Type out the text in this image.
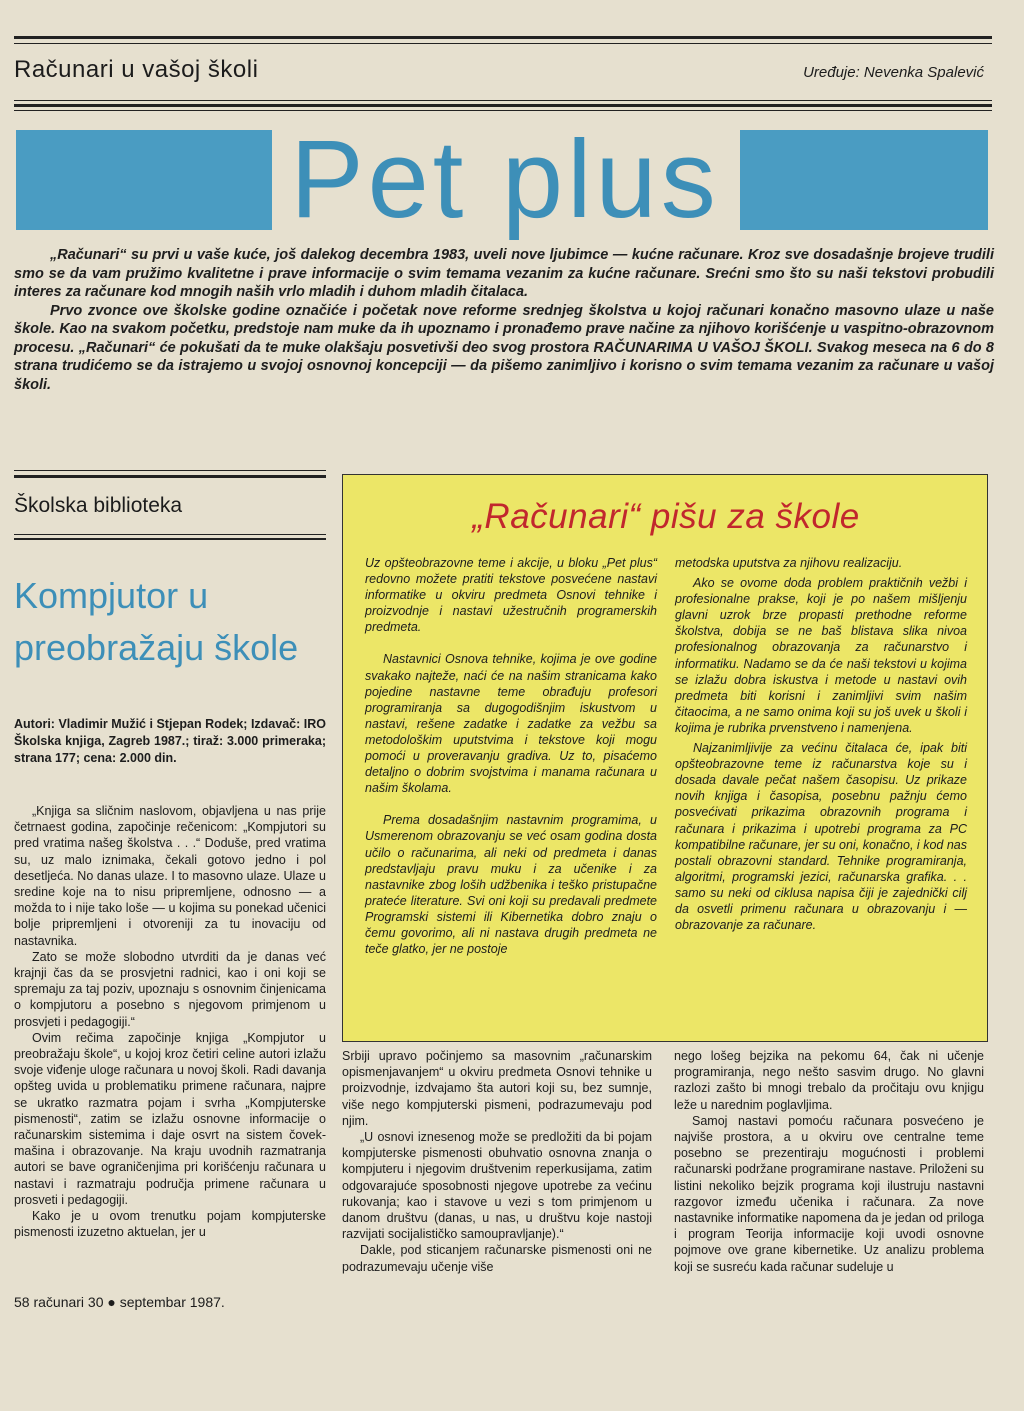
Računari u vašoj školi	Uređuje: Nevenka Spalević
Pet plus

„Računari“ su prvi u vaše kuće, još dalekog decembra 1983, uveli nove ljubimce — kućne računare. Kroz sve dosadašnje brojeve trudili smo se da vam pružimo kvalitetne i prave informacije o svim temama vezanim za kućne računare. Srećni smo što su naši tekstovi probudili interes za računare kod mnogih naših vrlo mladih i duhom mladih čitalaca.

Prvo zvonce ove školske godine označiće i početak nove reforme srednjeg školstva u kojoj računari konačno masovno ulaze u naše škole. Kao na svakom početku, predstoje nam muke da ih upoznamo i pronađemo prave načine za njihovo korišćenje u vaspitno-obrazovnom procesu. „Računari“ će pokušati da te muke olakšaju posvetivši deo svog prostora RAČUNARIMA U VAŠOJ ŠKOLI. Svakog meseca na 6 do 8 strana trudićemo se da istrajemo u svojoj osnovnoj koncepciji — da pišemo zanimljivo i korisno o svim temama vezanim za računare u vašoj školi.

Školska biblioteka
Kompjutor u preobražaju škole
Autori: Vladimir Mužić i Stjepan Rodek; Izdavač: IRO Školska knjiga, Zagreb 1987.; tiraž: 3.000 primeraka; strana 177; cena: 2.000 din.

„Knjiga sa sličnim naslovom, objavljena u nas prije četrnaest godina, započinje rečenicom: „Kompjutori su pred vratima našeg školstva . . .“ Doduše, pred vratima su, uz malo iznimaka, čekali gotovo jedno i pol desetljeća. No danas ulaze. I to masovno ulaze. Ulaze u sredine koje na to nisu pripremljene, odnosno — a možda to i nije tako loše — u kojima su ponekad učenici bolje pripremljeni i otvoreniji za tu inovaciju od nastavnika.

Zato se može slobodno utvrditi da je danas već krajnji čas da se prosvjetni radnici, kao i oni koji se spremaju za taj poziv, upoznaju s osnovnim činjenicama o kompjutoru a posebno s njegovom primjenom u prosvjeti i pedagogiji.“

Ovim rečima započinje knjiga „Kompjutor u preobražaju škole“, u kojoj kroz četiri celine autori izlažu svoje viđenje uloge računara u novoj školi. Radi davanja opšteg uvida u problematiku primene računara, najpre se ukratko razmatra pojam i svrha „Kompjuterske pismenosti“, zatim se izlažu osnovne informacije o računarskim sistemima i daje osvrt na sistem čovek-mašina i obrazovanje. Na kraju uvodnih razmatranja autori se bave ograničenjima pri korišćenju računara u nastavi i razmatraju područja primene računara u prosveti i pedagogiji.

Kako je u ovom trenutku pojam kompjuterske pismenosti izuzetno aktuelan, jer u

58 računari 30 ● septembar 1987.
„Računari“ pišu za škole

Uz opšteobrazovne teme i akcije, u bloku „Pet plus“ redovno možete pratiti tekstove posvećene nastavi informatike u okviru predmeta Osnovi tehnike i proizvodnje i nastavi užestručnih programerskih predmeta.

Nastavnici Osnova tehnike, kojima je ove godine svakako najteže, naći će na našim stranicama kako pojedine nastavne teme obrađuju profesori programiranja sa dugogodišnjim iskustvom u nastavi, rešene zadatke i zadatke za vežbu sa metodološkim uputstvima i tekstove koji mogu pomoći u proveravanju gradiva. Uz to, pisaćemo detaljno o dobrim svojstvima i manama računara u našim školama.

Prema dosadašnjim nastavnim programima, u Usmerenom obrazovanju se već osam godina dosta učilo o računarima, ali neki od predmeta i danas predstavljaju pravu muku i za učenike i za nastavnike zbog loših udžbenika i teško pristupačne prateće literature. Svi oni koji su predavali predmete Programski sistemi ili Kibernetika dobro znaju o čemu govorimo, ali ni nastava drugih predmeta ne teče glatko, jer ne postoje

metodska uputstva za njihovu realizaciju.

Ako se ovome doda problem praktičnih vežbi i profesionalne prakse, koji je po našem mišljenju glavni uzrok brze propasti prethodne reforme školstva, dobija se ne baš blistava slika nivoa profesionalnog obrazovanja za računarstvo i informatiku. Nadamo se da će naši tekstovi u kojima se izlažu dobra iskustva i metode u nastavi ovih predmeta biti korisni i zanimljivi svim našim čitaocima, a ne samo onima koji su još uvek u školi i kojima je rubrika prvenstveno i namenjena.

Najzanimljivije za većinu čitalaca će, ipak biti opšteobrazovne teme iz računarstva koje su i dosada davale pečat našem časopisu. Uz prikaze novih knjiga i časopisa, posebnu pažnju ćemo posvećivati prikazima obrazovnih programa i računara i prikazima i upotrebi programa za PC kompatibilne računare, jer su oni, konačno, i kod nas postali obrazovni standard. Tehnike programiranja, algoritmi, programski jezici, računarska grafika. . . samo su neki od ciklusa napisa čiji je zajednički cilj da osvetli primenu računara u obrazovanju i — obrazovanje za računare.

Srbiji upravo počinjemo sa masovnim „računarskim opismenjavanjem“ u okviru predmeta Osnovi tehnike u proizvodnje, izdvajamo šta autori koji su, bez sumnje, više nego kompjuterski pismeni, podrazumevaju pod njim.

„U osnovi iznesenog može se predložiti da bi pojam kompjuterske pismenosti obuhvatio osnovna znanja o kompjuteru i njegovim društvenim reperkusijama, zatim odgovarajuće sposobnosti njegove upotrebe za većinu rukovanja; kao i stavove u vezi s tom primjenom u danom društvu (danas, u nas, u društvu koje nastoji razvijati socijalističko samoupravljanje).“

Dakle, pod sticanjem računarske pismenosti oni ne podrazumevaju učenje više

nego lošeg bejzika na pekomu 64, čak ni učenje programiranja, nego nešto sasvim drugo. No glavni razlozi zašto bi mnogi trebalo da pročitaju ovu knjigu leže u narednim poglavljima.

Samoj nastavi pomoću računara posvećeno je najviše prostora, a u okviru ove centralne teme posebno se prezentiraju mogućnosti i problemi računarski podržane programirane nastave. Priloženi su listini nekoliko bejzik programa koji ilustruju nastavni razgovor između učenika i računara. Za nove nastavnike informatike napomena da je jedan od priloga i program Teorija informacije koji uvodi osnovne pojmove ove grane kibernetike. Uz analizu problema koji se susreću kada računar sudeluje u
